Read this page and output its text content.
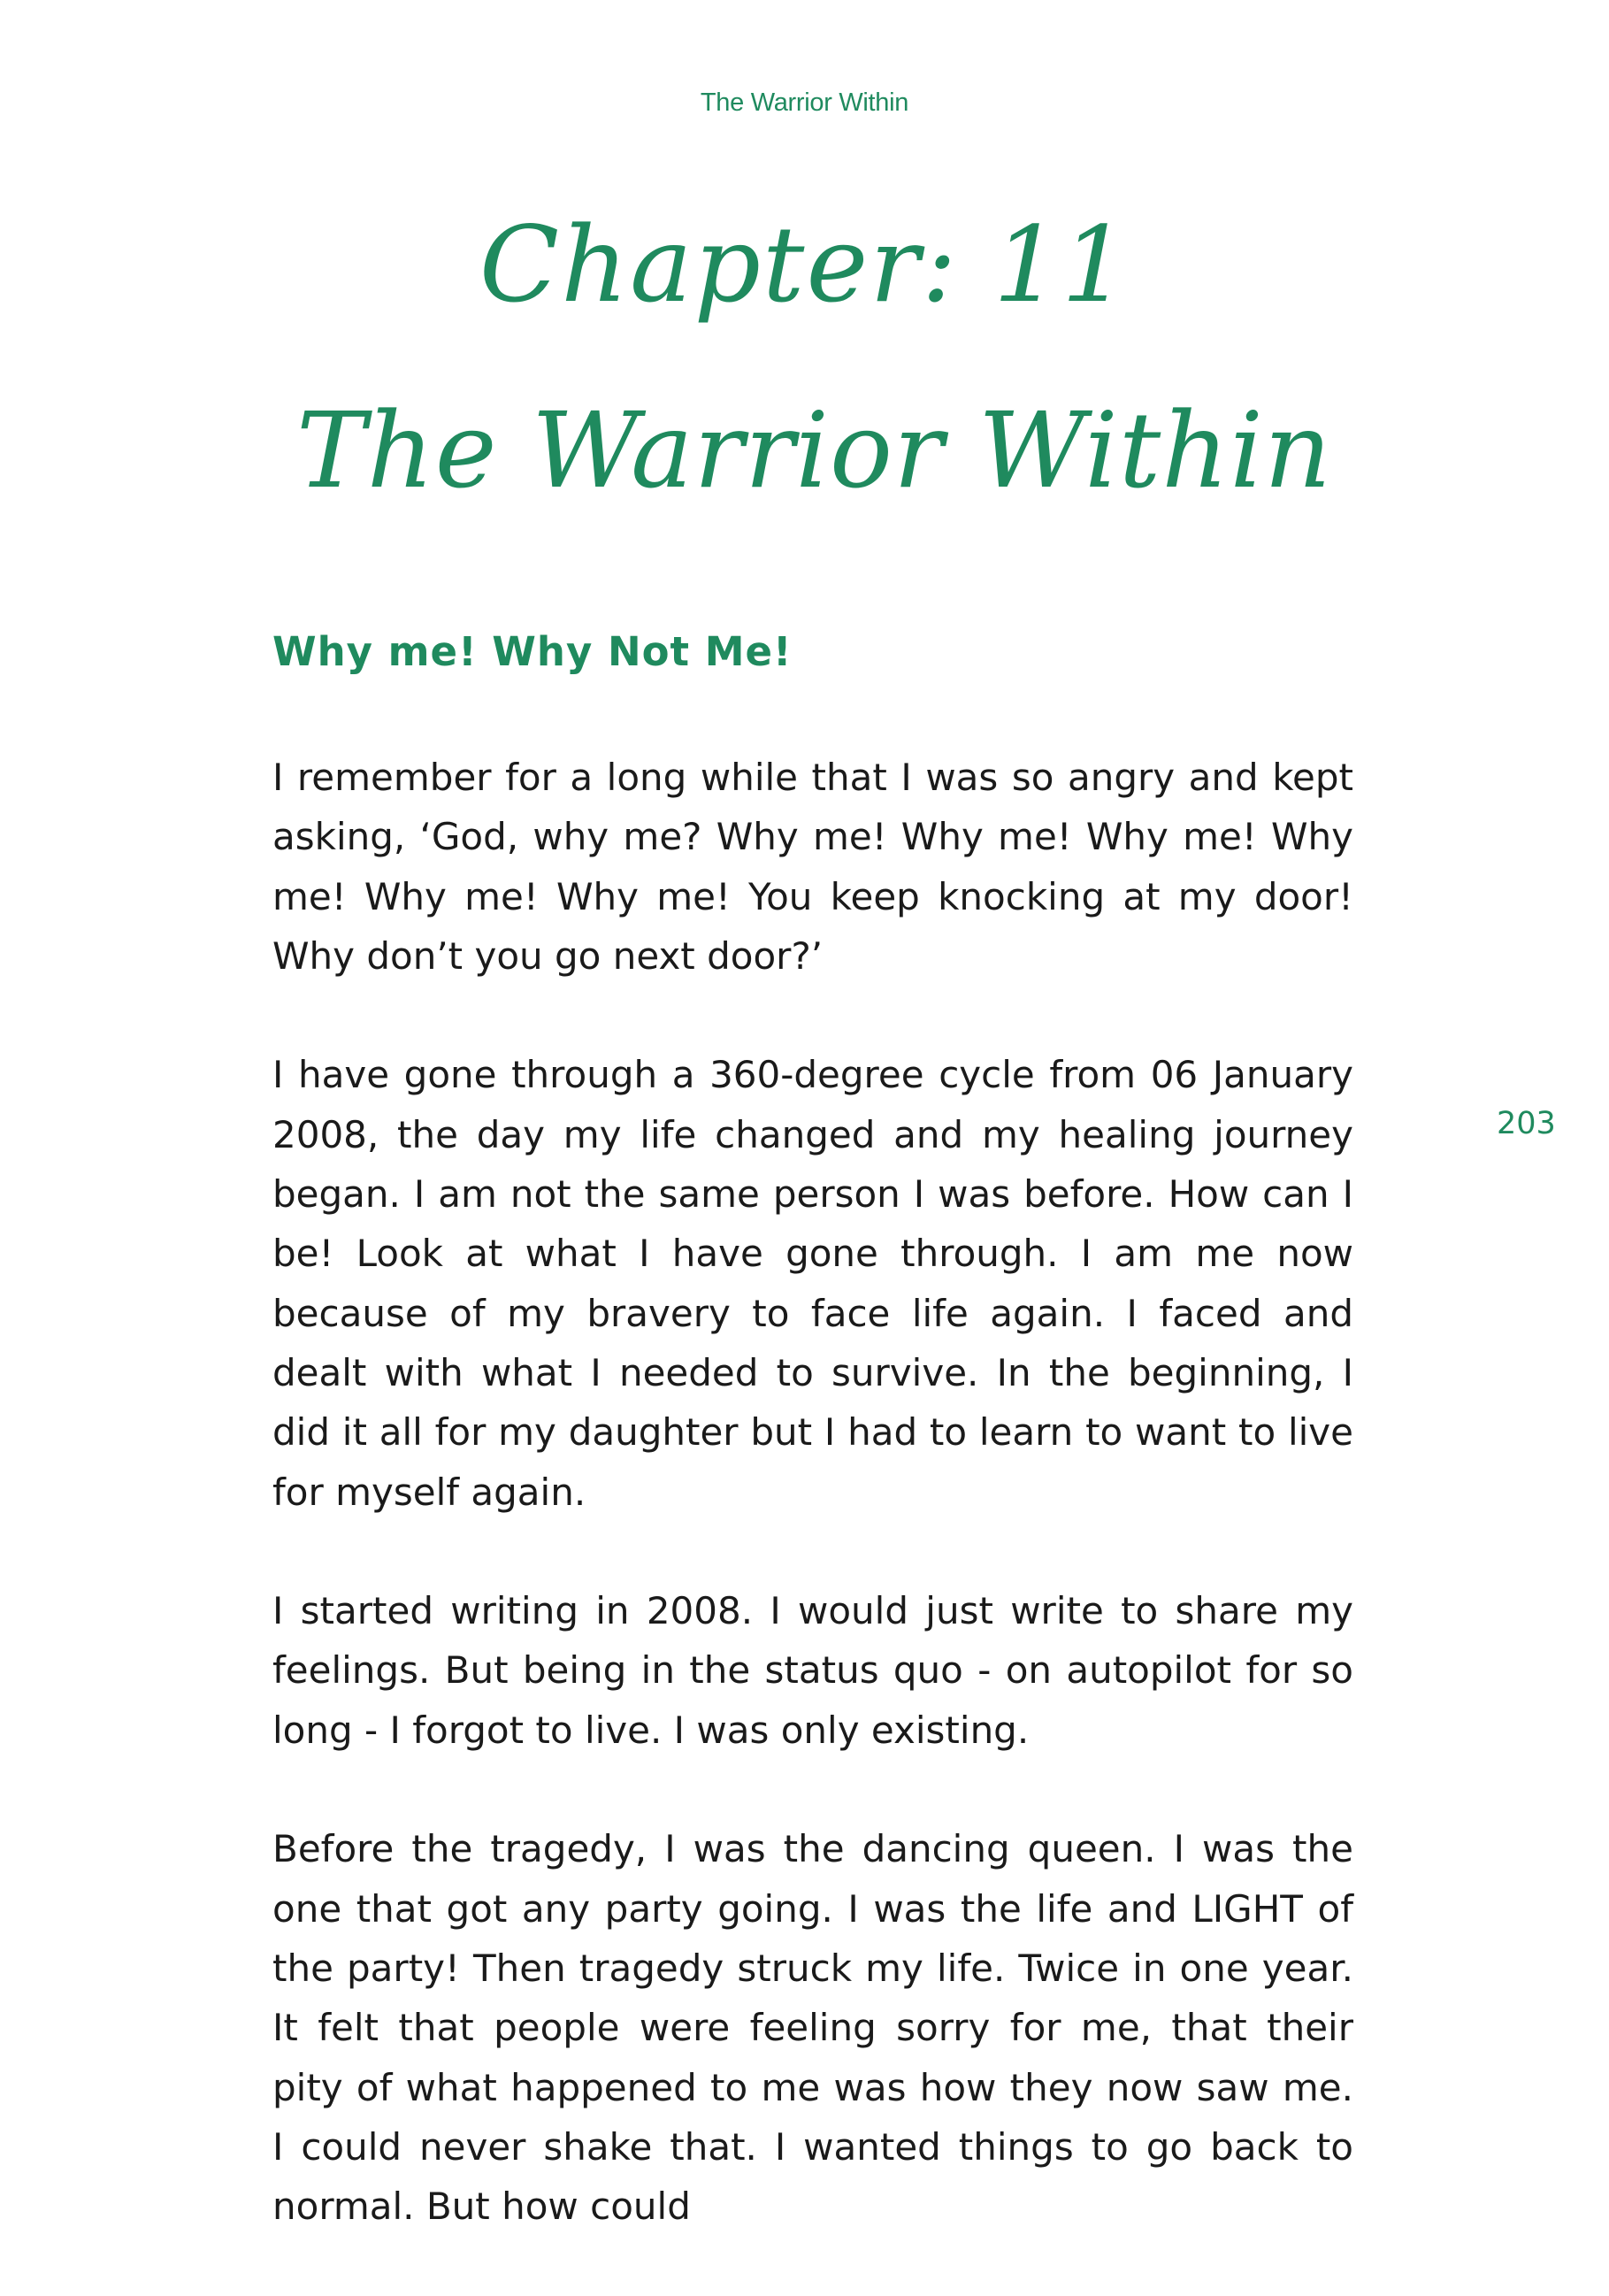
The Warrior Within
Chapter: 11
The Warrior Within
Why me! Why Not Me!

I remember for a long while that I was so angry and kept asking, ‘God, why me? Why me! Why me! Why me! Why me! Why me! Why me! You keep knocking at my door! Why don’t you go next door?’

I have gone through a 360-degree cycle from 06 January 2008, the day my life changed and my healing journey began. I am not the same person I was before. How can I be! Look at what I have gone through. I am me now because of my bravery to face life again. I faced and dealt with what I needed to survive. In the beginning, I did it all for my daughter but I had to learn to want to live for myself again.

I started writing in 2008. I would just write to share my feelings. But being in the status quo - on autopilot for so long - I forgot to live. I was only existing.

Before the tragedy, I was the dancing queen. I was the one that got any party going. I was the life and LIGHT of the party! Then tragedy struck my life. Twice in one year. It felt that people were feeling sorry for me, that their pity of what happened to me was how they now saw me. I could never shake that. I wanted things to go back to normal. But how could

203
